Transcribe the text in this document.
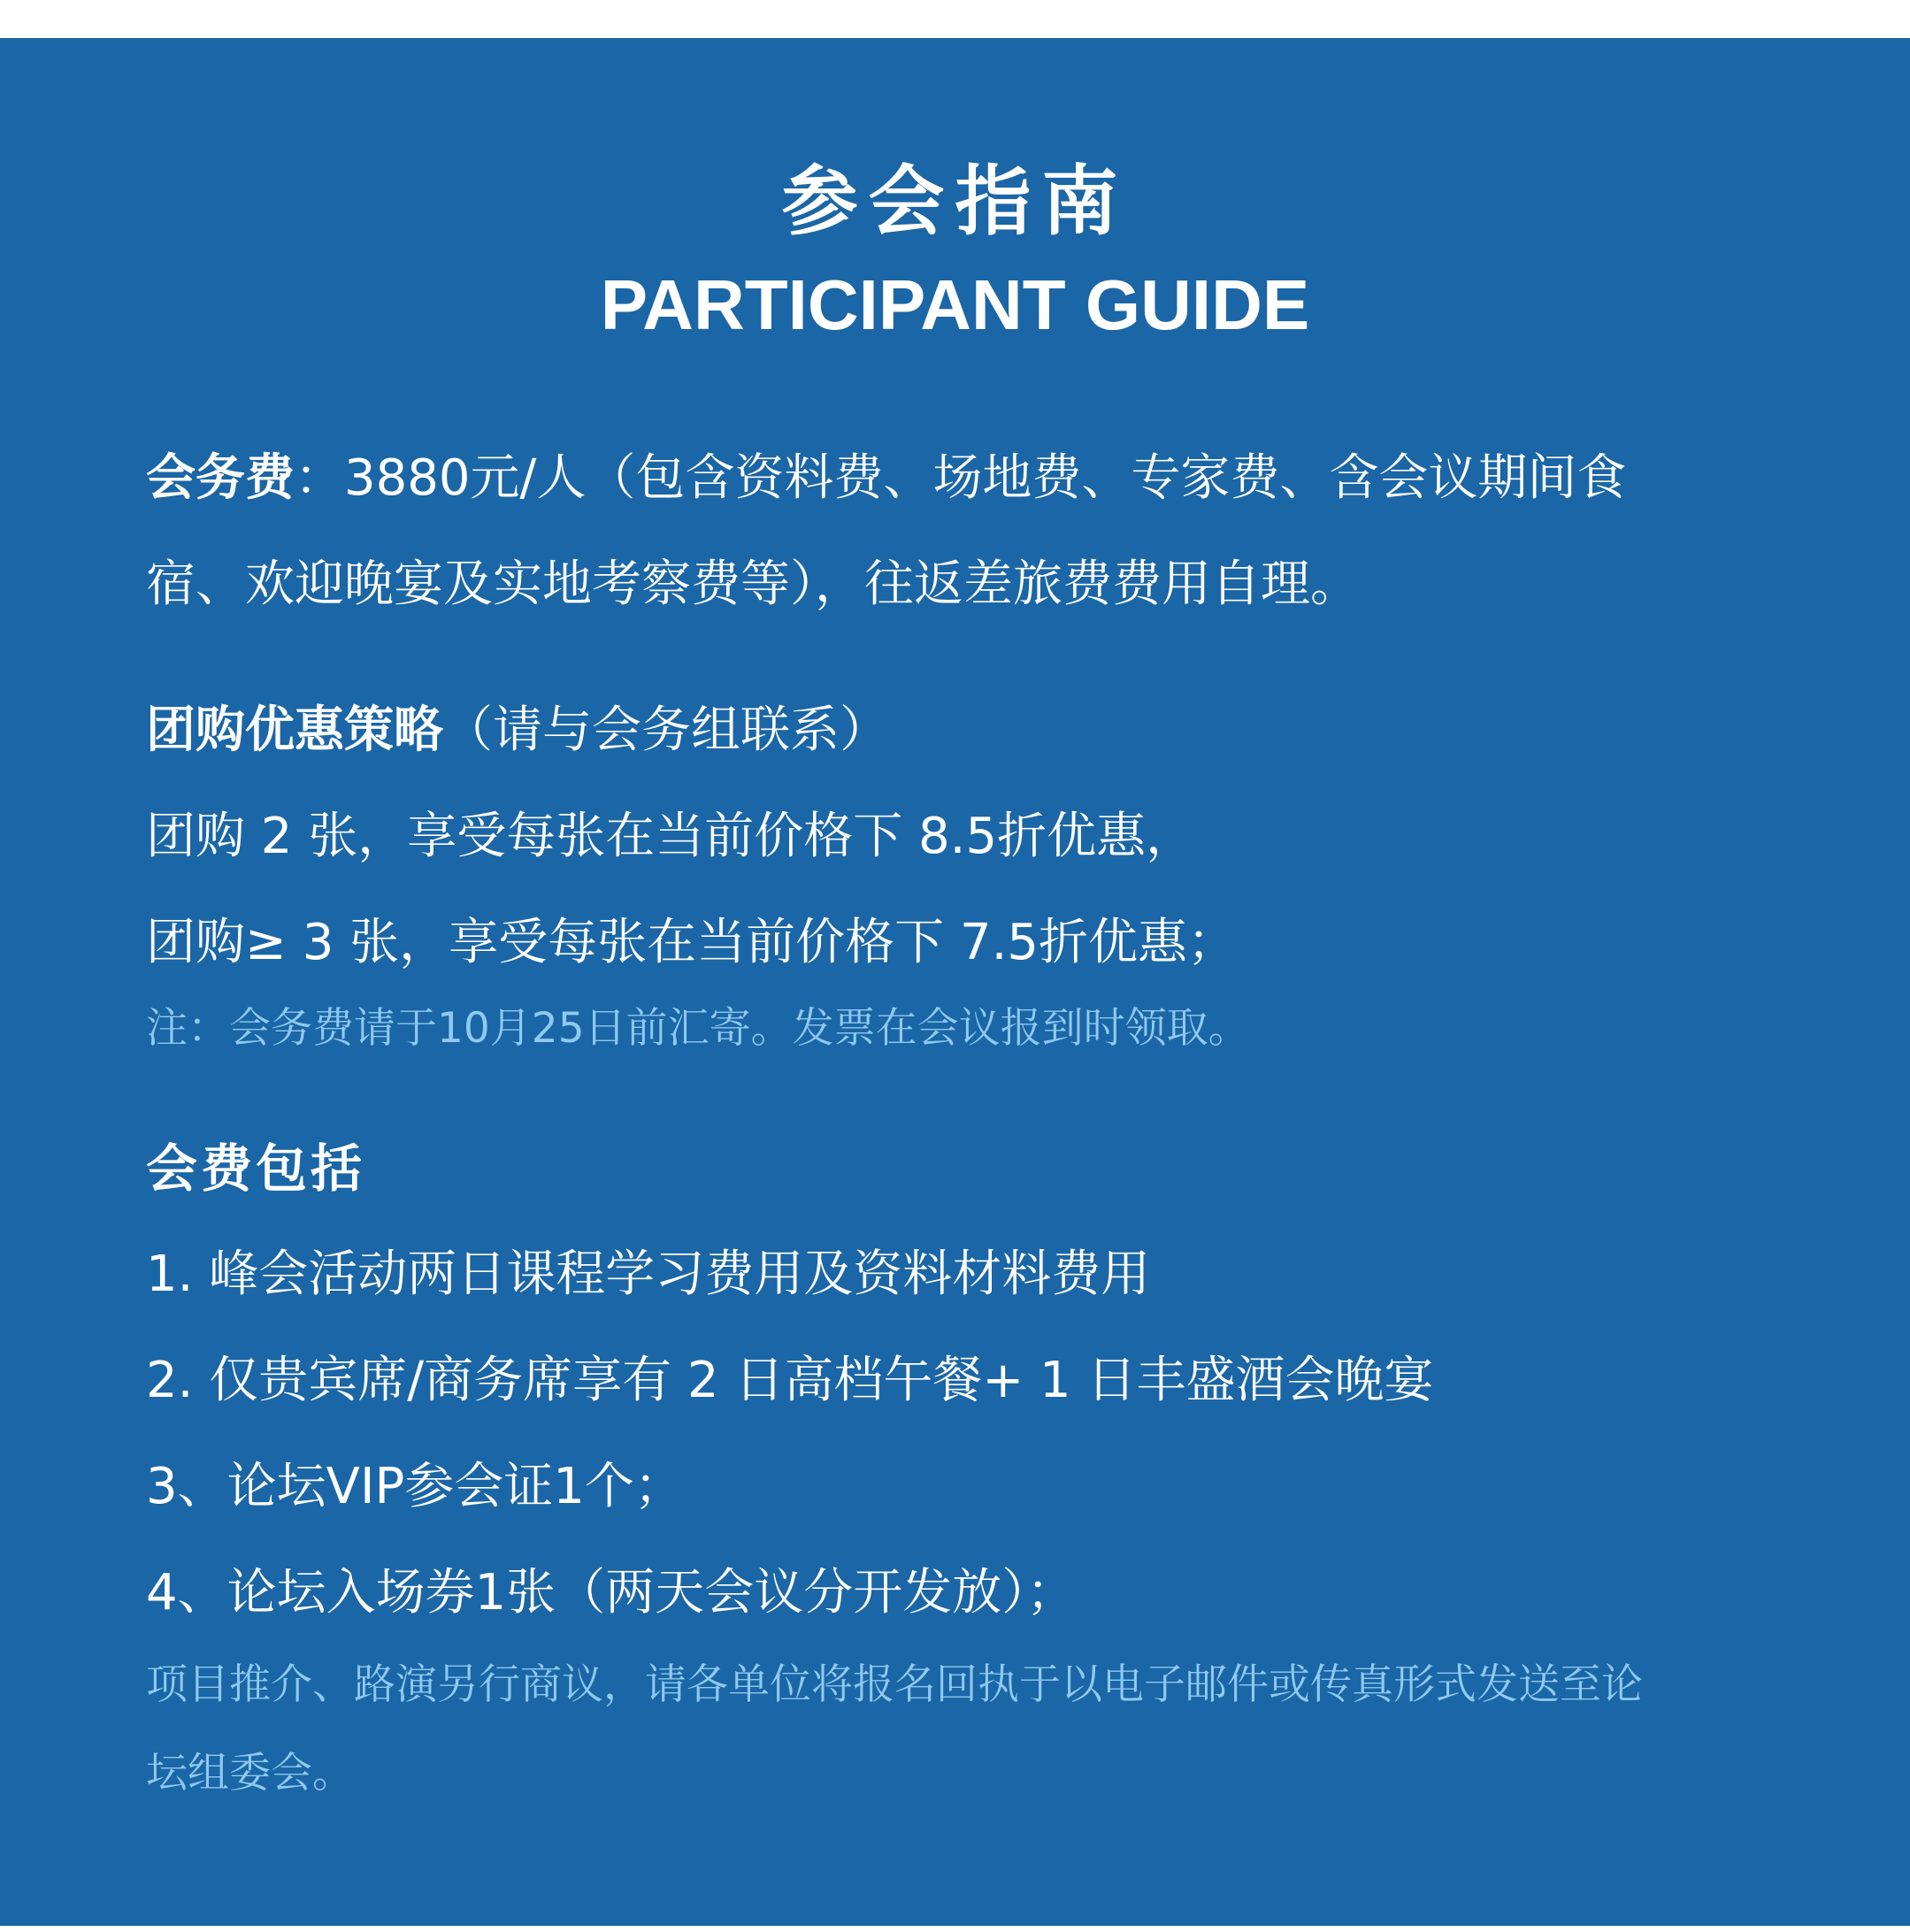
参会指南
PARTICIPANT GUIDE
会务费：3880元/人（包含资料费、场地费、专家费、含会议期间食
宿、欢迎晚宴及实地考察费等），往返差旅费费用自理。
团购优惠策略（请与会务组联系）
团购 2 张，享受每张在当前价格下 8.5折优惠，
团购≥ 3 张，享受每张在当前价格下 7.5折优惠；
注：会务费请于10月25日前汇寄。发票在会议报到时领取。
会费包括
1. 峰会活动两日课程学习费用及资料材料费用
2. 仅贵宾席/商务席享有 2 日高档午餐+ 1 日丰盛酒会晚宴
3、论坛VIP参会证1个；
4、论坛入场券1张（两天会议分开发放）；
项目推介、路演另行商议，请各单位将报名回执于以电子邮件或传真形式发送至论
坛组委会。
